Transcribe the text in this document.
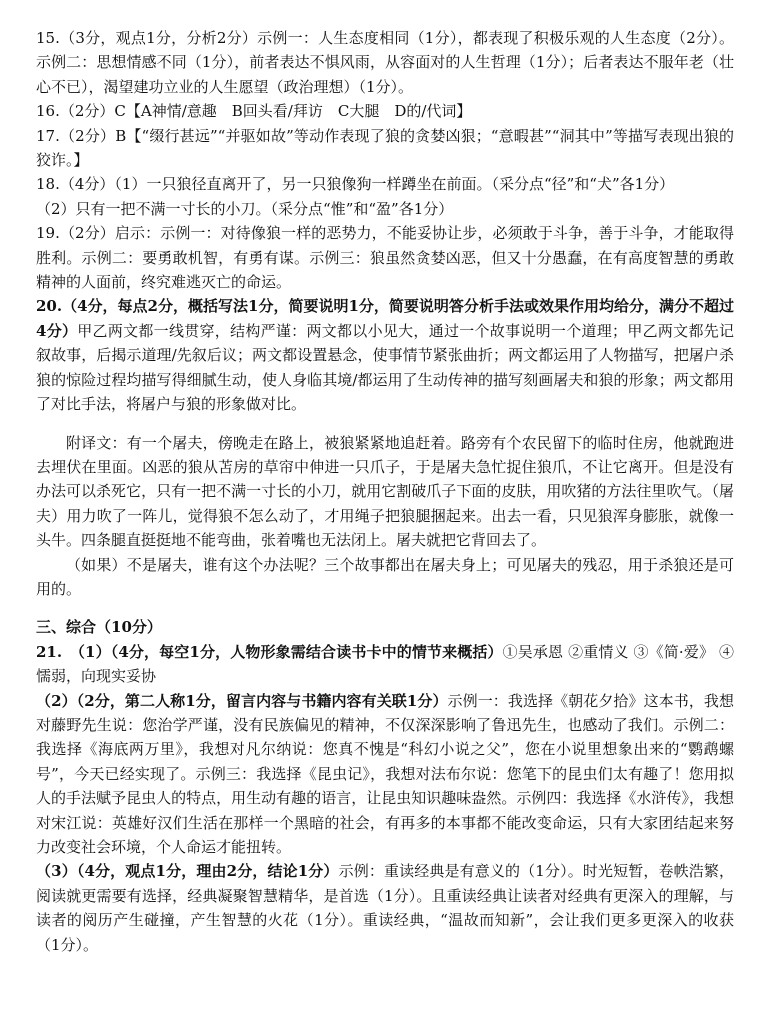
15.（3分，观点1分，分析2分）示例一：人生态度相同（1分），都表现了积极乐观的人生态度（2分）。示例二：思想情感不同（1分），前者表达不惧风雨，从容面对的人生哲理（1分）；后者表达不服年老（壮心不已），渴望建功立业的人生愿望（政治理想）（1分）。

16.（2分）C【A神情/意趣　B回头看/拜访　C大腿　D的/代词】

17.（2分）B【“缀行甚远”“并驱如故”等动作表现了狼的贪婪凶狠；“意暇甚”“洞其中”等描写表现出狼的狡诈。】

18.（4分）（1）一只狼径直离开了，另一只狼像狗一样蹲坐在前面。（采分点“径”和“犬”各1分）

（2）只有一把不满一寸长的小刀。（采分点“惟”和“盈”各1分）

19.（2分）启示：示例一：对待像狼一样的恶势力，不能妥协让步，必须敢于斗争，善于斗争，才能取得胜利。示例二：要勇敢机智，有勇有谋。示例三：狼虽然贪婪凶恶，但又十分愚蠢，在有高度智慧的勇敢精神的人面前，终究难逃灭亡的命运。

20.（4分，每点2分，概括写法1分，简要说明1分，简要说明答分析手法或效果作用均给分，满分不超过4分）甲乙两文都一线贯穿，结构严谨：两文都以小见大，通过一个故事说明一个道理；甲乙两文都先记叙故事，后揭示道理/先叙后议；两文都设置悬念，使事情节紧张曲折；两文都运用了人物描写，把屠户杀狼的惊险过程均描写得细腻生动，使人身临其境/都运用了生动传神的描写刻画屠夫和狼的形象；两文都用了对比手法，将屠户与狼的形象做对比。

附译文：有一个屠夫，傍晚走在路上，被狼紧紧地追赶着。路旁有个农民留下的临时住房，他就跑进去埋伏在里面。凶恶的狼从苫房的草帘中伸进一只爪子，于是屠夫急忙捉住狼爪，不让它离开。但是没有办法可以杀死它，只有一把不满一寸长的小刀，就用它割破爪子下面的皮肤，用吹猪的方法往里吹气。（屠夫）用力吹了一阵儿，觉得狼不怎么动了，才用绳子把狼腿捆起来。出去一看，只见狼浑身膨胀，就像一头牛。四条腿直挺挺地不能弯曲，张着嘴也无法闭上。屠夫就把它背回去了。

（如果）不是屠夫，谁有这个办法呢？三个故事都出在屠夫身上；可见屠夫的残忍，用于杀狼还是可用的。

三、综合（10分）

21.　（1）（4分，每空1分，人物形象需结合读书卡中的情节来概括）①吴承恩 ②重情义 ③《简·爱》 ④懦弱，向现实妥协

（2）（2分，第二人称1分，留言内容与书籍内容有关联1分）示例一：我选择《朝花夕拾》这本书，我想对藤野先生说：您治学严谨，没有民族偏见的精神，不仅深深影响了鲁迅先生，也感动了我们。示例二：我选择《海底两万里》，我想对凡尔纳说：您真不愧是“科幻小说之父”，您在小说里想象出来的“鹦鹉螺号”，今天已经实现了。示例三：我选择《昆虫记》，我想对法布尔说：您笔下的昆虫们太有趣了！您用拟人的手法赋予昆虫人的特点，用生动有趣的语言，让昆虫知识趣味盎然。示例四：我选择《水浒传》，我想对宋江说：英雄好汉们生活在那样一个黑暗的社会，有再多的本事都不能改变命运，只有大家团结起来努力改变社会环境，个人命运才能扭转。

（3）（4分，观点1分，理由2分，结论1分）示例：重读经典是有意义的（1分）。时光短暂，卷帙浩繁，阅读就更需要有选择，经典凝聚智慧精华，是首选（1分）。且重读经典让读者对经典有更深入的理解，与读者的阅历产生碰撞，产生智慧的火花（1分）。重读经典，“温故而知新”，会让我们更多更深入的收获（1分）。
